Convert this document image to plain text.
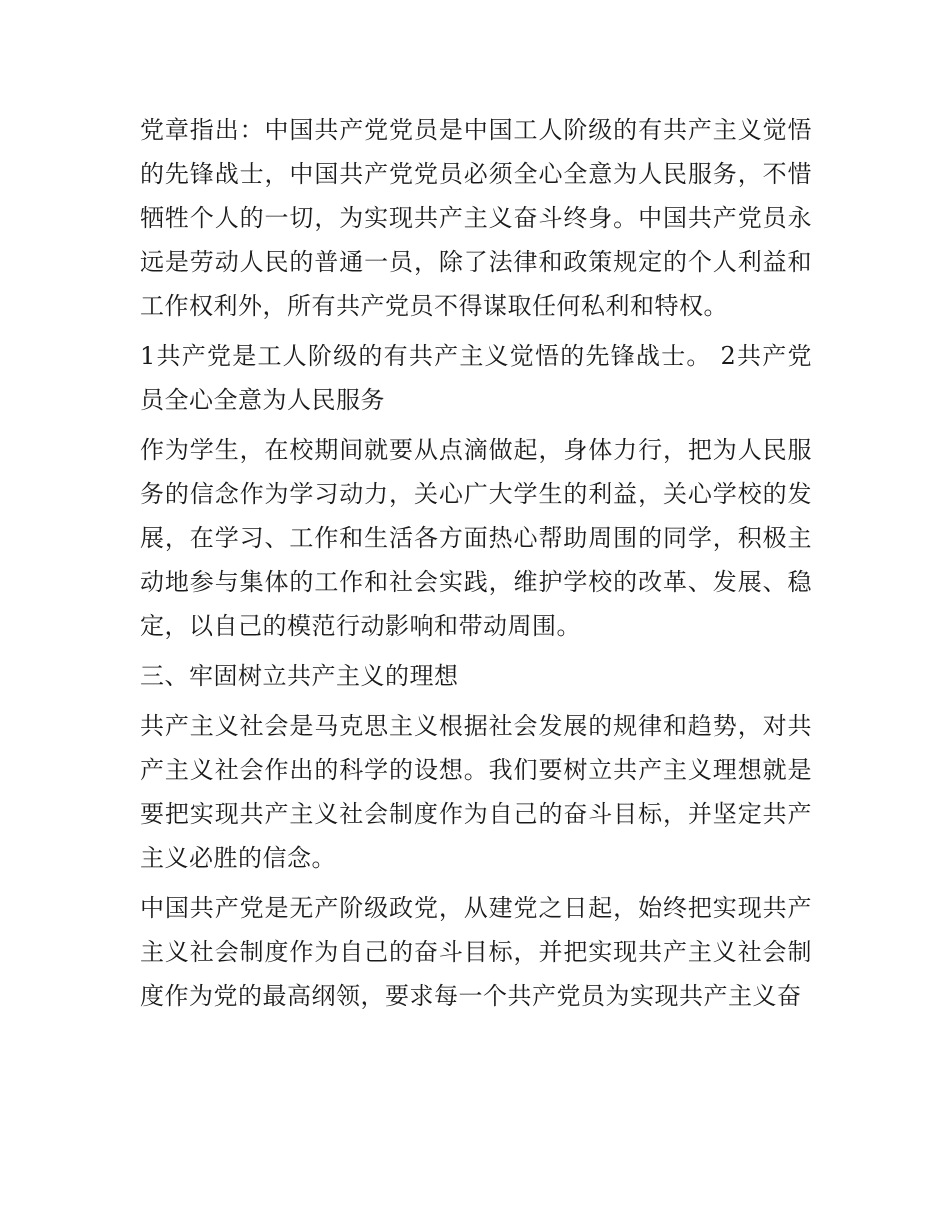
党章指出：中国共产党党员是中国工人阶级的有共产主义觉悟的先锋战士，中国共产党党员必须全心全意为人民服务，不惜牺牲个人的一切，为实现共产主义奋斗终身。中国共产党员永远是劳动人民的普通一员，除了法律和政策规定的个人利益和工作权利外，所有共产党员不得谋取任何私利和特权。

1共产党是工人阶级的有共产主义觉悟的先锋战士。 2共产党员全心全意为人民服务

作为学生，在校期间就要从点滴做起，身体力行，把为人民服务的信念作为学习动力，关心广大学生的利益，关心学校的发展，在学习、工作和生活各方面热心帮助周围的同学，积极主动地参与集体的工作和社会实践，维护学校的改革、发展、稳定，以自己的模范行动影响和带动周围。

三、牢固树立共产主义的理想

共产主义社会是马克思主义根据社会发展的规律和趋势，对共产主义社会作出的科学的设想。我们要树立共产主义理想就是要把实现共产主义社会制度作为自己的奋斗目标，并坚定共产主义必胜的信念。

中国共产党是无产阶级政党，从建党之日起，始终把实现共产主义社会制度作为自己的奋斗目标，并把实现共产主义社会制度作为党的最高纲领，要求每一个共产党员为实现共产主义奋
